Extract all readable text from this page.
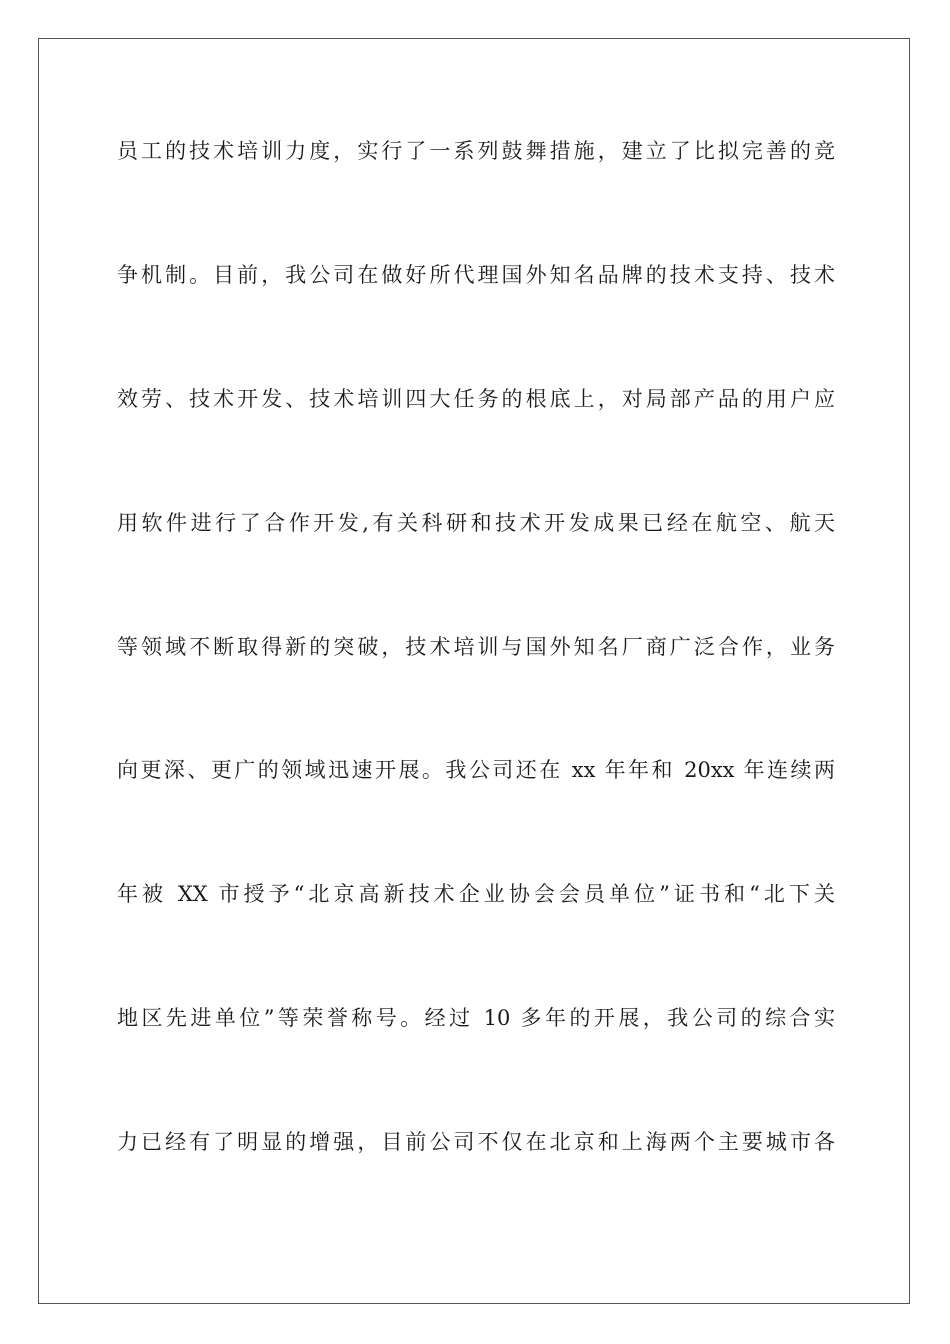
员工的技术培训力度，实行了一系列鼓舞措施，建立了比拟完善的竞
争机制。目前，我公司在做好所代理国外知名品牌的技术支持、技术
效劳、技术开发、技术培训四大任务的根底上，对局部产品的用户应
用软件进行了合作开发,有关科研和技术开发成果已经在航空、航天
等领域不断取得新的突破，技术培训与国外知名厂商广泛合作，业务
向更深、更广的领域迅速开展。我公司还在 xx 年年和 20xx 年连续两
年被 XX 市授予“北京高新技术企业协会会员单位”证书和“北下关
地区先进单位”等荣誉称号。经过 10 多年的开展，我公司的综合实
力已经有了明显的增强，目前公司不仅在北京和上海两个主要城市各
